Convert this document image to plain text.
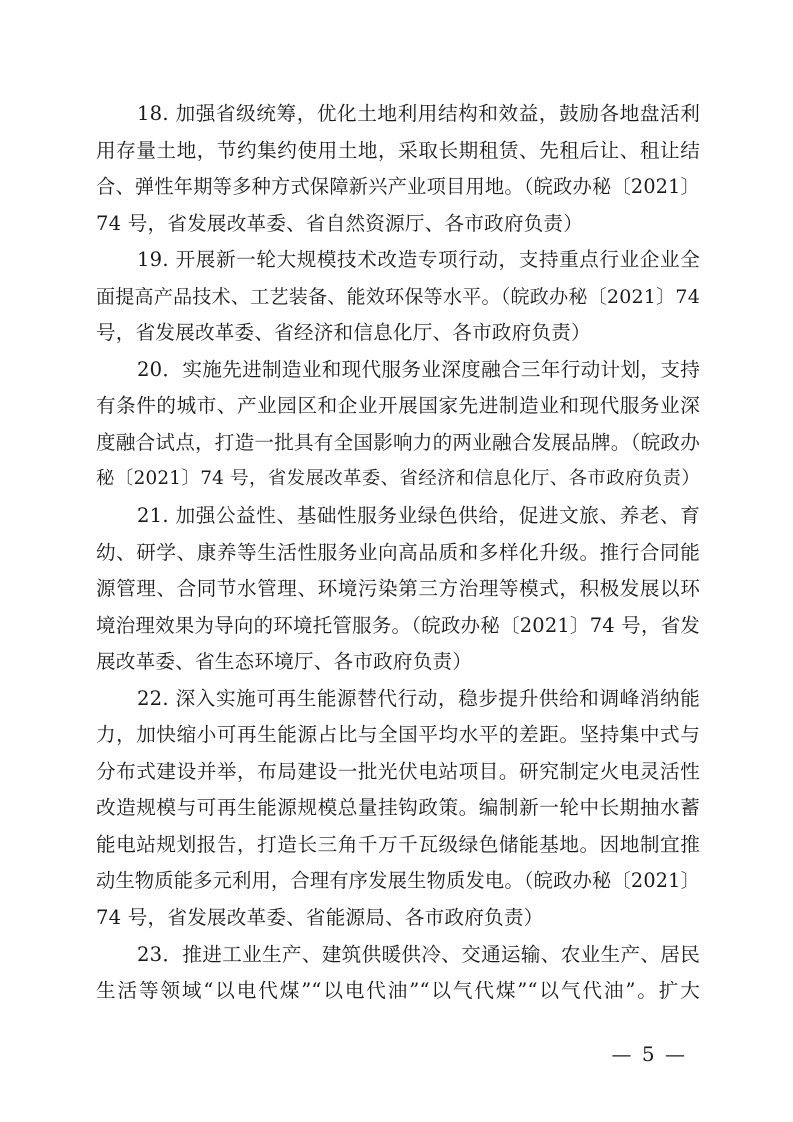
18. 加强省级统筹，优化土地利用结构和效益，鼓励各地盘活利
用存量土地，节约集约使用土地，采取长期租赁、先租后让、租让结
合、弹性年期等多种方式保障新兴产业项目用地。（皖政办秘〔2021〕
74 号，省发展改革委、省自然资源厅、各市政府负责）
19. 开展新一轮大规模技术改造专项行动，支持重点行业企业全
面提高产品技术、工艺装备、能效环保等水平。（皖政办秘〔2021〕74
号，省发展改革委、省经济和信息化厅、各市政府负责）
20．实施先进制造业和现代服务业深度融合三年行动计划，支持
有条件的城市、产业园区和企业开展国家先进制造业和现代服务业深
度融合试点，打造一批具有全国影响力的两业融合发展品牌。（皖政办
秘〔2021〕74 号，省发展改革委、省经济和信息化厅、各市政府负责）
21. 加强公益性、基础性服务业绿色供给，促进文旅、养老、育
幼、研学、康养等生活性服务业向高品质和多样化升级。推行合同能
源管理、合同节水管理、环境污染第三方治理等模式，积极发展以环
境治理效果为导向的环境托管服务。（皖政办秘〔2021〕74 号，省发
展改革委、省生态环境厅、各市政府负责）
22. 深入实施可再生能源替代行动，稳步提升供给和调峰消纳能
力，加快缩小可再生能源占比与全国平均水平的差距。坚持集中式与
分布式建设并举，布局建设一批光伏电站项目。研究制定火电灵活性
改造规模与可再生能源规模总量挂钩政策。编制新一轮中长期抽水蓄
能电站规划报告，打造长三角千万千瓦级绿色储能基地。因地制宜推
动生物质能多元利用，合理有序发展生物质发电。（皖政办秘〔2021〕
74 号，省发展改革委、省能源局、各市政府负责）
23．推进工业生产、建筑供暖供冷、交通运输、农业生产、居民
生活等领域“以电代煤”“以电代油”“以气代煤”“以气代油”。扩大
— 5 —
